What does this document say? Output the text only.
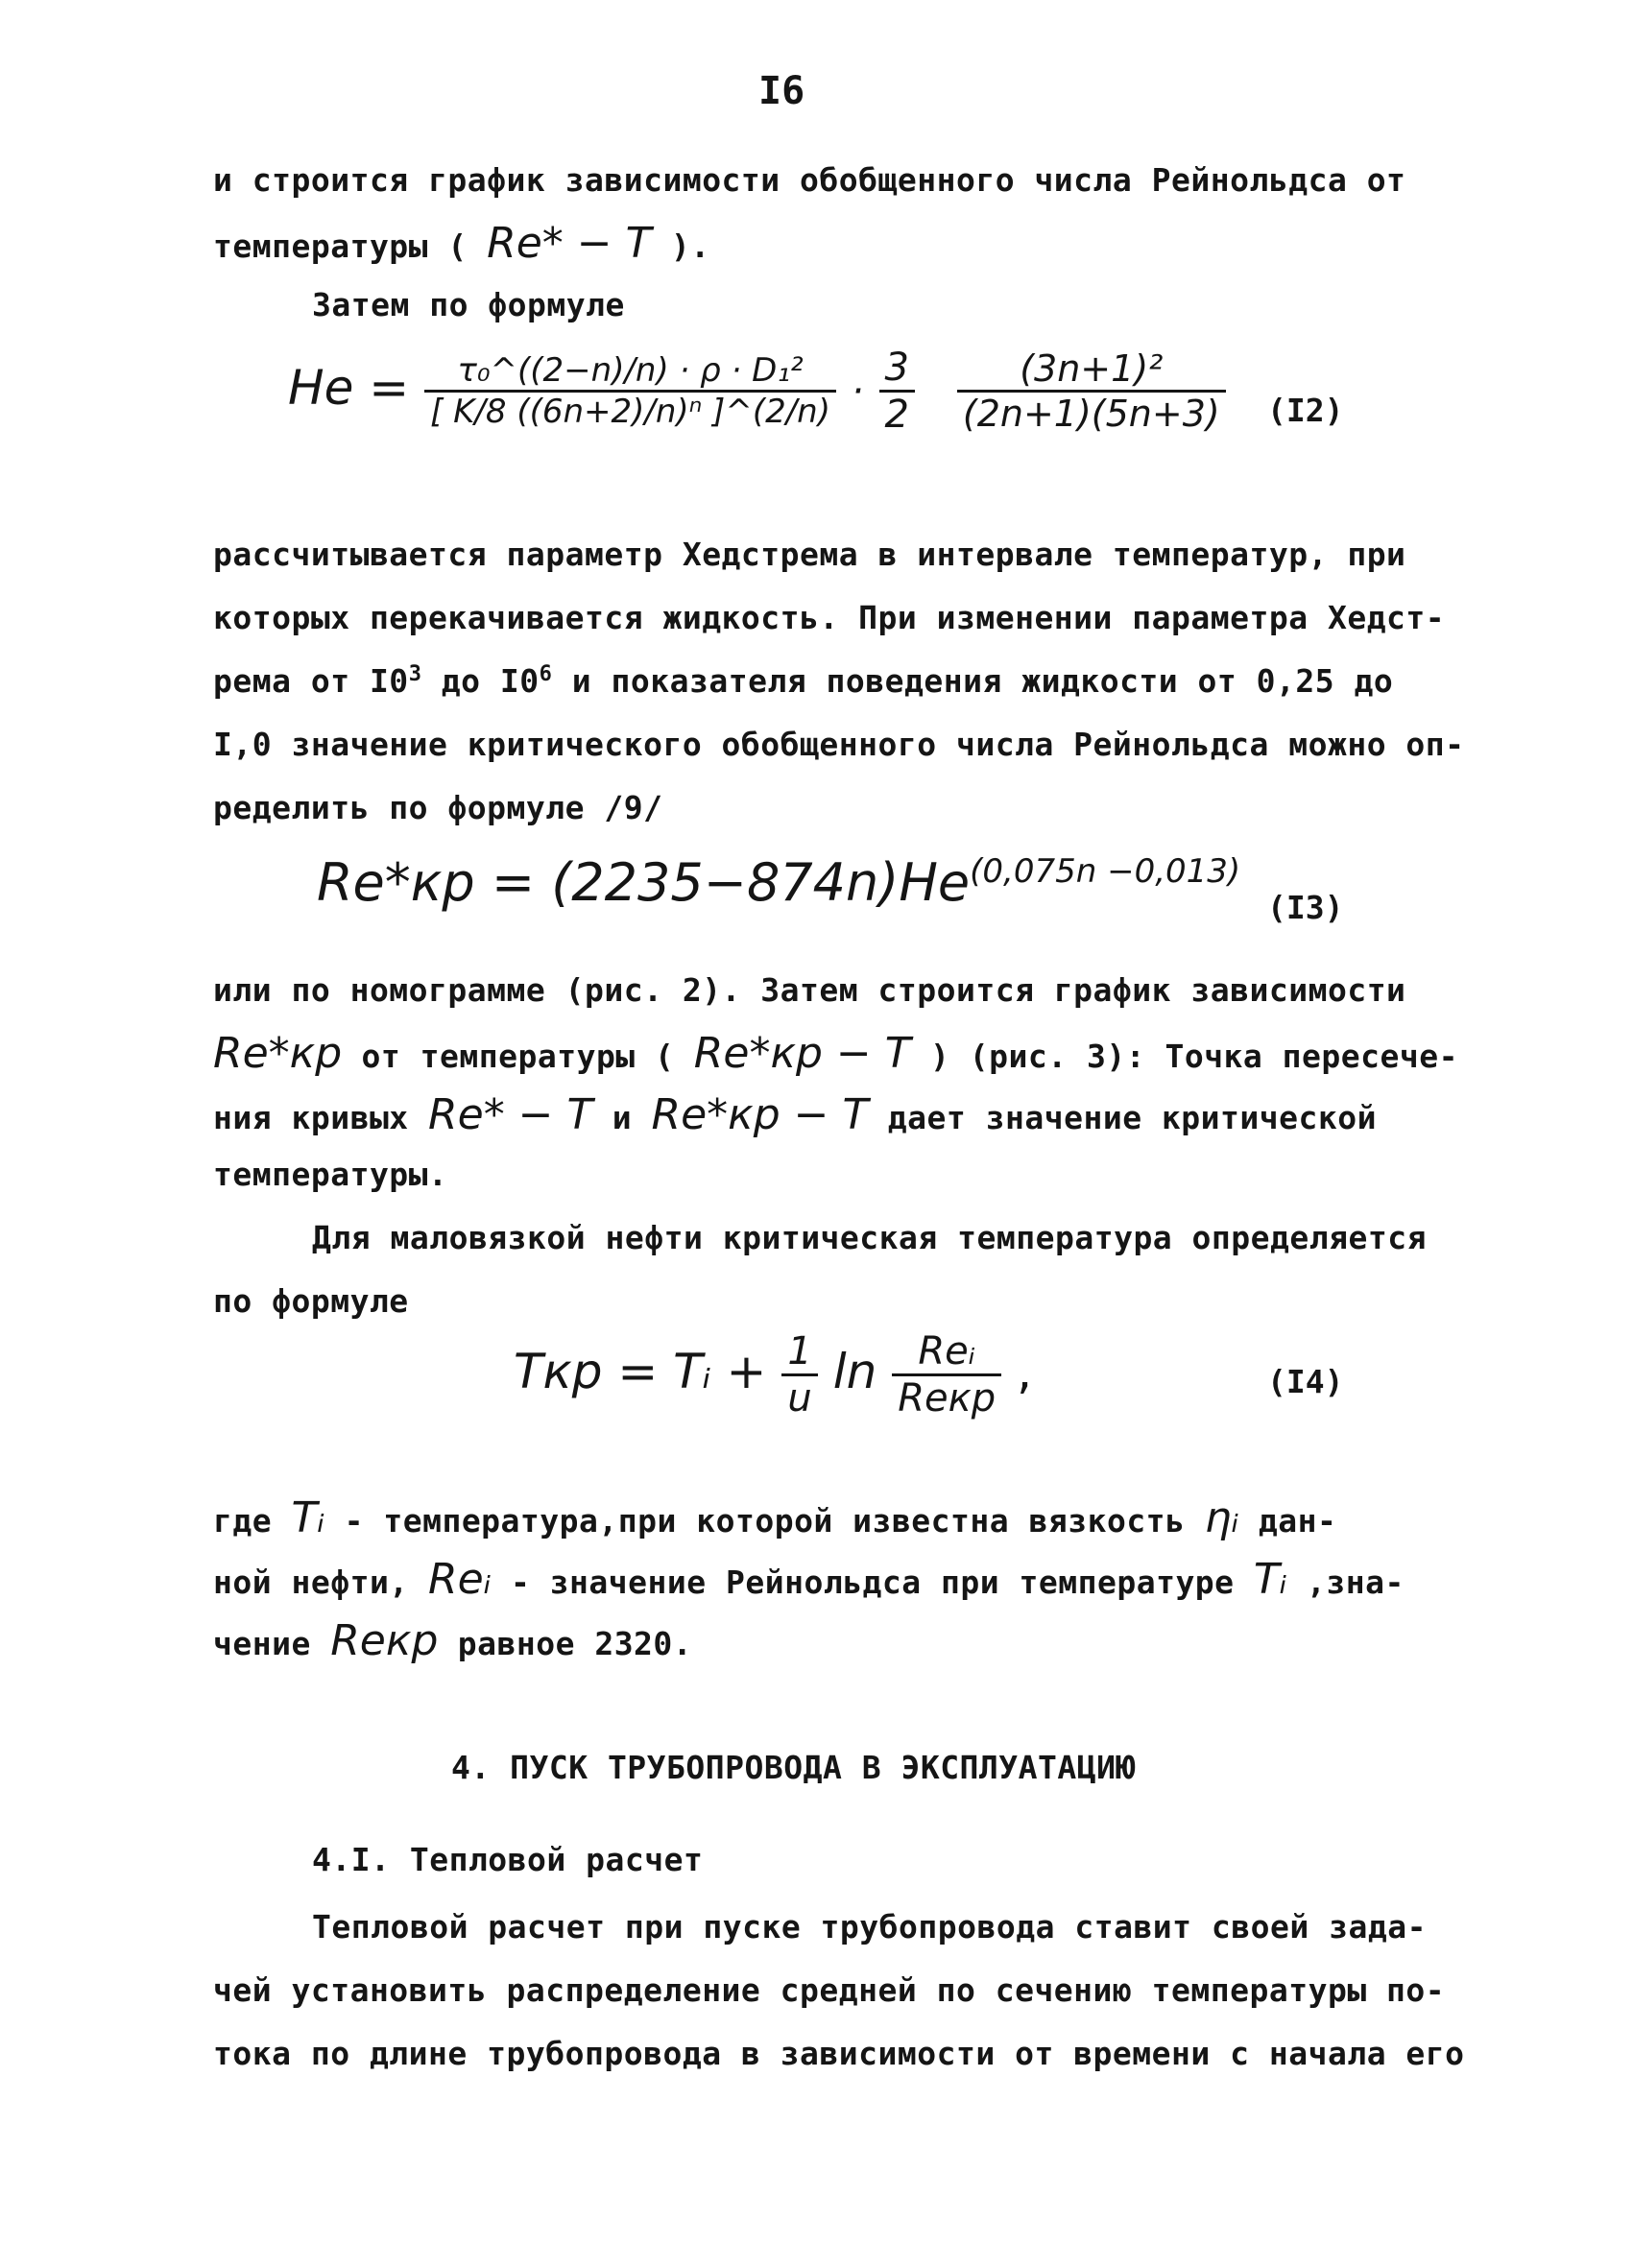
I6
и строится график зависимости обобщенного числа Рейнольдса от
температуры ( Re* − T ).
Затем по формуле
$He = \frac{\text{τ₀\textasciicircum{}((2−n)/n) · ρ · D₁²}}{\text{[ K/8 ((6n+2)/n)ⁿ ]\textasciicircum{}(2/n)}} \cdot \frac{3}{2}$
$\frac{\text{(3n+1)²}}{(2n+1)(5n+3)} (I2)$
рассчитывается параметр Хедстрема в интервале температур, при
которых перекачивается жидкость. При изменении параметра Хедст-
рема от $I0^3$ до $I0^6$ и показателя поведения жидкости от 0,25 до
I,0 значение критического обобщенного числа Рейнольдса можно оп-
ределить по формуле /9/
$Re*кр = (2235-874n)He^{(0,075n -0,013)}$
(I3)
или по номограмме (рис. 2). Затем строится график зависимости
Re*кр от температуры ( Re*кр − T ) (рис. 3): Точка пересече-
ния кривых Re* − T и Re*кр − T дает значение критической
температуры.
Для маловязкой нефти критическая температура определяется
по формуле
Tкр = Tᵢ + $\frac{1}{u}$ $\ln \frac{\text{Reᵢ}}{\text{Reкр}}$ ,	(I4)
где Tᵢ - температура,при которой известна вязкость ηᵢ дан-
ной нефти, Reᵢ - значение Рейнольдса при температуре Tᵢ ,зна-
чение Reкр равное 2320.
4. ПУСК ТРУБОПРОВОДА В ЭКСПЛУАТАЦИЮ
4.I. Тепловой расчет
Тепловой расчет при пуске трубопровода ставит своей зада-
чей установить распределение средней по сечению температуры по-
тока по длине трубопровода в зависимости от времени с начала его
